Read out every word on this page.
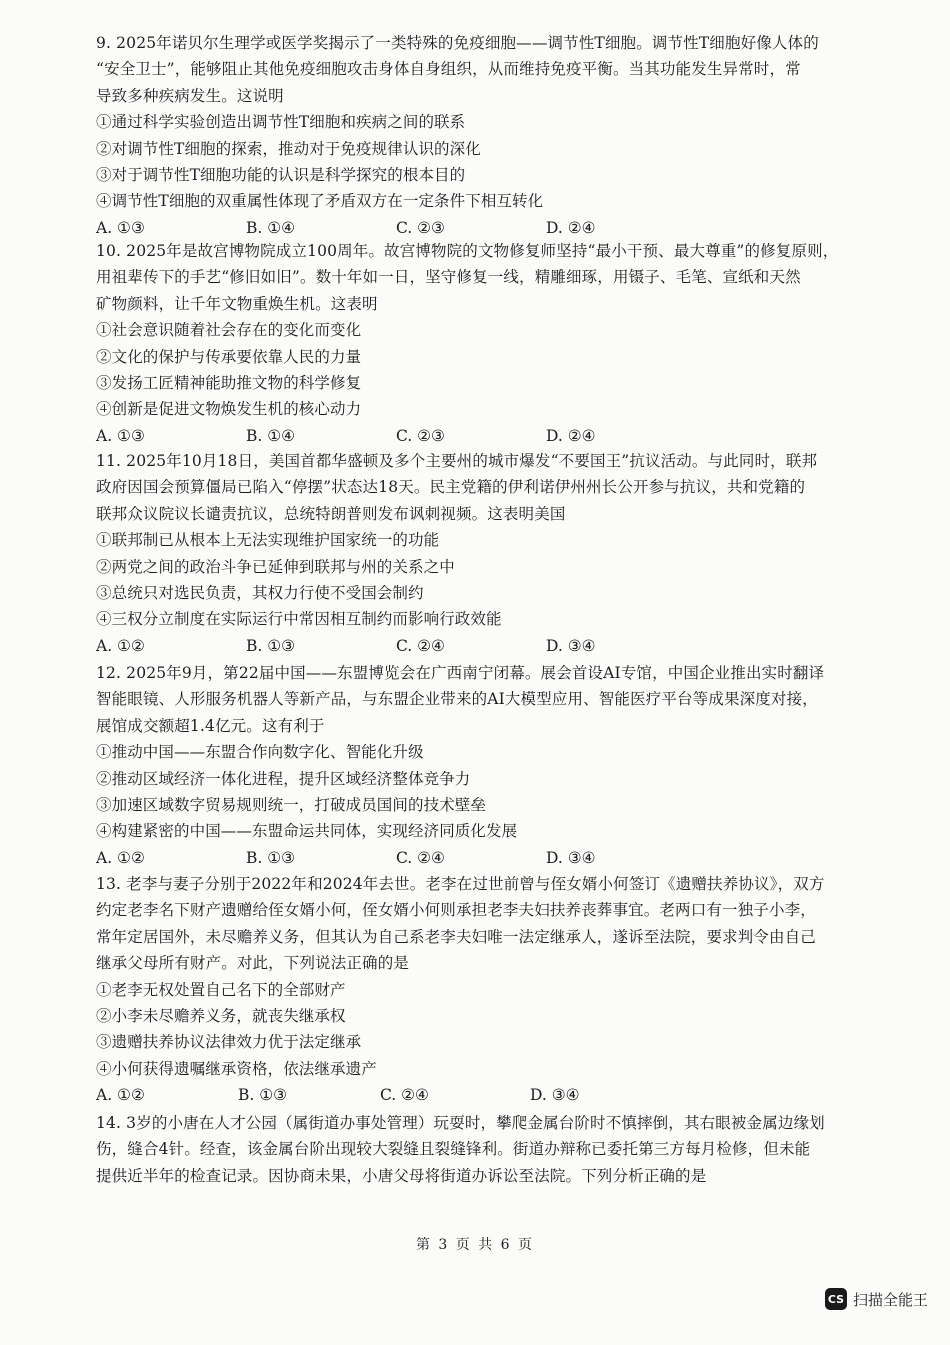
9. 2025年诺贝尔生理学或医学奖揭示了一类特殊的免疫细胞——调节性T细胞。调节性T细胞好像人体的
“安全卫士”，能够阻止其他免疫细胞攻击身体自身组织，从而维持免疫平衡。当其功能发生异常时，常
导致多种疾病发生。这说明
①通过科学实验创造出调节性T细胞和疾病之间的联系
②对调节性T细胞的探索，推动对于免疫规律认识的深化
③对于调节性T细胞功能的认识是科学探究的根本目的
④调节性T细胞的双重属性体现了矛盾双方在一定条件下相互转化
A. ①③	B. ①④	C. ②③	D. ②④
10. 2025年是故宫博物院成立100周年。故宫博物院的文物修复师坚持“最小干预、最大尊重”的修复原则，
用祖辈传下的手艺“修旧如旧”。数十年如一日，坚守修复一线，精雕细琢，用镊子、毛笔、宣纸和天然
矿物颜料，让千年文物重焕生机。这表明
①社会意识随着社会存在的变化而变化
②文化的保护与传承要依靠人民的力量
③发扬工匠精神能助推文物的科学修复
④创新是促进文物焕发生机的核心动力
A. ①③	B. ①④	C. ②③	D. ②④
11. 2025年10月18日，美国首都华盛顿及多个主要州的城市爆发“不要国王”抗议活动。与此同时，联邦
政府因国会预算僵局已陷入“停摆”状态达18天。民主党籍的伊利诺伊州州长公开参与抗议，共和党籍的
联邦众议院议长谴责抗议，总统特朗普则发布讽刺视频。这表明美国
①联邦制已从根本上无法实现维护国家统一的功能
②两党之间的政治斗争已延伸到联邦与州的关系之中
③总统只对选民负责，其权力行使不受国会制约
④三权分立制度在实际运行中常因相互制约而影响行政效能
A. ①②	B. ①③	C. ②④	D. ③④
12. 2025年9月，第22届中国——东盟博览会在广西南宁闭幕。展会首设AI专馆，中国企业推出实时翻译
智能眼镜、人形服务机器人等新产品，与东盟企业带来的AI大模型应用、智能医疗平台等成果深度对接，
展馆成交额超1.4亿元。这有利于
①推动中国——东盟合作向数字化、智能化升级
②推动区域经济一体化进程，提升区域经济整体竞争力
③加速区域数字贸易规则统一，打破成员国间的技术壁垒
④构建紧密的中国——东盟命运共同体，实现经济同质化发展
A. ①②	B. ①③	C. ②④	D. ③④
13. 老李与妻子分别于2022年和2024年去世。老李在过世前曾与侄女婿小何签订《遗赠扶养协议》，双方
约定老李名下财产遗赠给侄女婿小何，侄女婿小何则承担老李夫妇扶养丧葬事宜。老两口有一独子小李，
常年定居国外，未尽赡养义务，但其认为自己系老李夫妇唯一法定继承人，遂诉至法院，要求判令由自己
继承父母所有财产。对此，下列说法正确的是
①老李无权处置自己名下的全部财产
②小李未尽赡养义务，就丧失继承权
③遗赠扶养协议法律效力优于法定继承
④小何获得遗嘱继承资格，依法继承遗产
A. ①②	B. ①③	C. ②④	D. ③④
14. 3岁的小唐在人才公园（属街道办事处管理）玩耍时，攀爬金属台阶时不慎摔倒，其右眼被金属边缘划
伤，缝合4针。经查，该金属台阶出现较大裂缝且裂缝锋利。街道办辩称已委托第三方每月检修，但未能
提供近半年的检查记录。因协商未果，小唐父母将街道办诉讼至法院。下列分析正确的是
第 3 页 共 6 页
CS 扫描全能王
